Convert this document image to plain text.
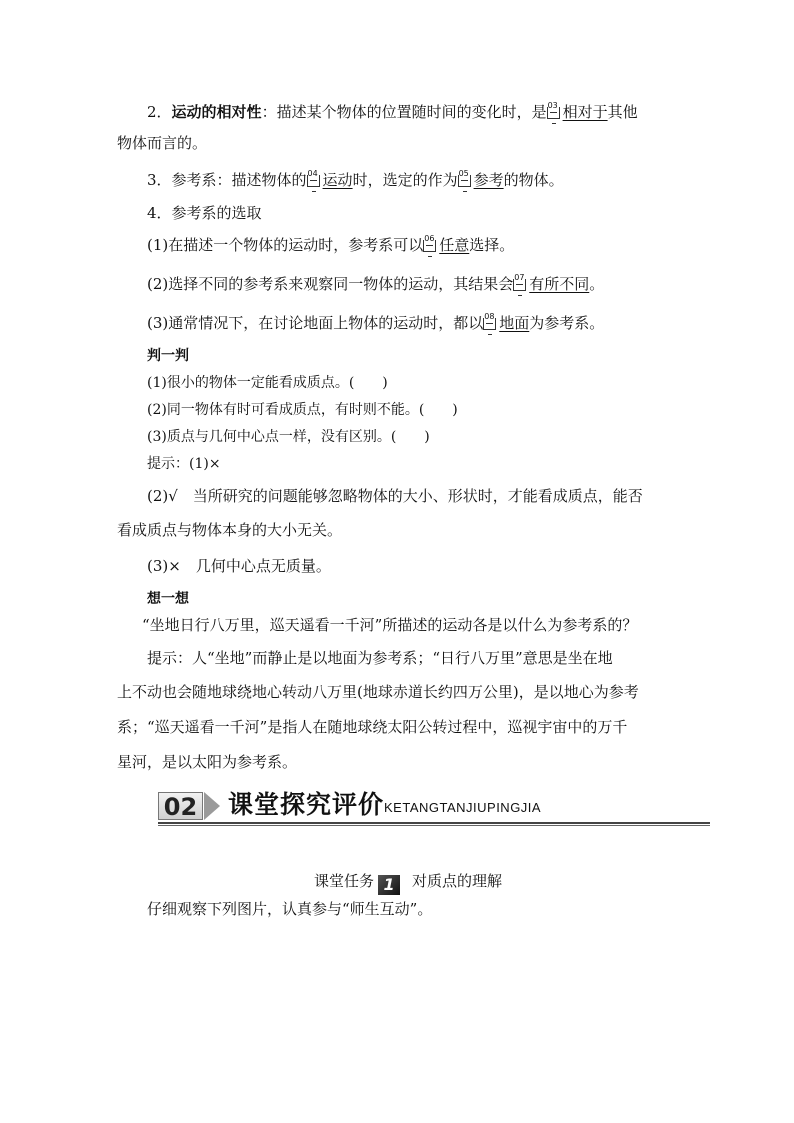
2．运动的相对性：描述某个物体的位置随时间的变化时，是 03 相对于其他
物体而言的。
3．参考系：描述物体的 04 运动时，选定的作为 05 参考的物体。
4．参考系的选取
(1)在描述一个物体的运动时，参考系可以 06 任意选择。
(2)选择不同的参考系来观察同一物体的运动，其结果会 07 有所不同。
(3)通常情况下，在讨论地面上物体的运动时，都以 08 地面为参考系。
判一判
(1)很小的物体一定能看成质点。(　　)
(2)同一物体有时可看成质点，有时则不能。(　　)
(3)质点与几何中心点一样，没有区别。(　　)
提示：(1)×
(2)√　当所研究的问题能够忽略物体的大小、形状时，才能看成质点，能否
看成质点与物体本身的大小无关。
(3)×　几何中心点无质量。
想一想
“坐地日行八万里，巡天遥看一千河”所描述的运动各是以什么为参考系的？
提示：人“坐地”而静止是以地面为参考系；“日行八万里”意思是坐在地
上不动也会随地球绕地心转动八万里(地球赤道长约四万公里)，是以地心为参考
系；“巡天遥看一千河”是指人在随地球绕太阳公转过程中，巡视宇宙中的万千
星河，是以太阳为参考系。
02 课堂探究评价 KETANGTANJIUPINGJIA
课堂任务 1 对质点的理解
仔细观察下列图片，认真参与“师生互动”。
